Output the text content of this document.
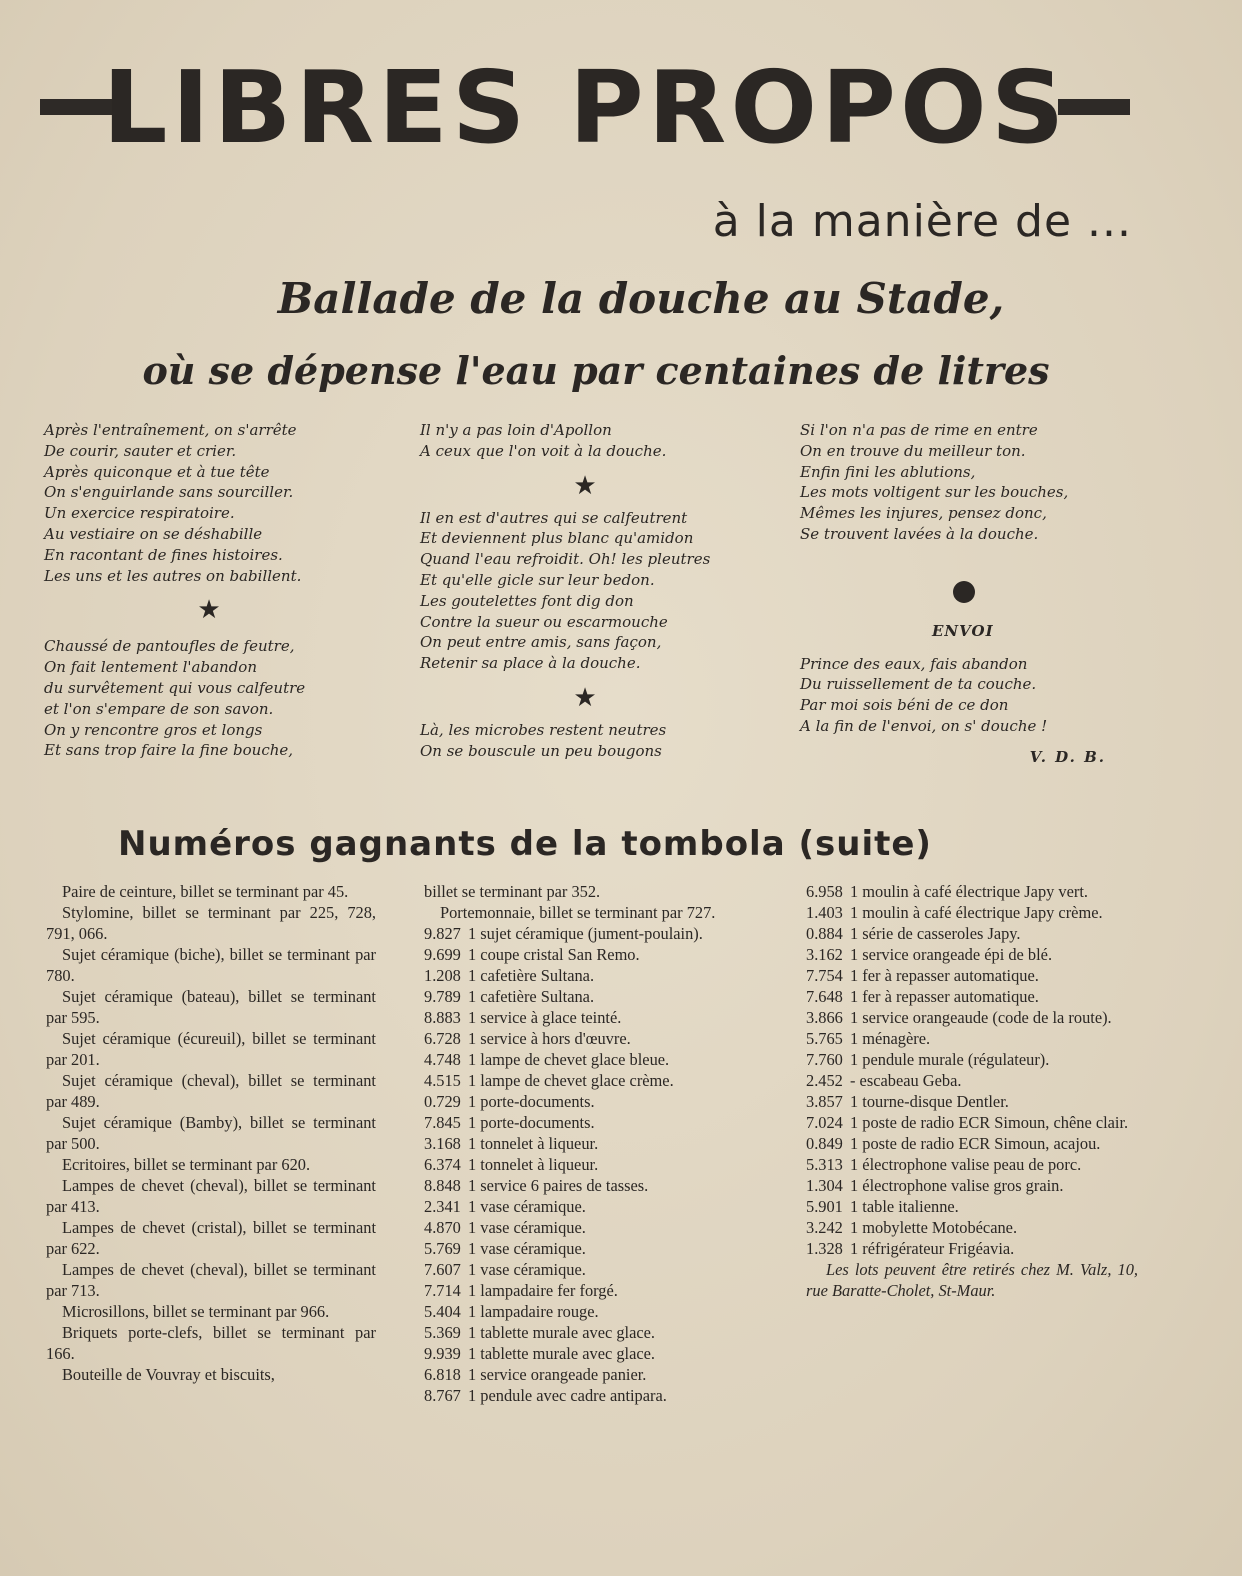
LIBRES PROPOS
à la manière de ...
Ballade de la douche au Stade,
où se dépense l'eau par centaines de litres
Après l'entraînement, on s'arrête
De courir, sauter et crier.
Après quiconque et à tue tête
On s'enguirlande sans sourciller.
Un exercice respiratoire.
Au vestiaire on se déshabille
En racontant de fines histoires.
Les uns et les autres on babillent.
★
Chaussé de pantoufles de feutre,
On fait lentement l'abandon
du survêtement qui vous calfeutre
et l'on s'empare de son savon.
On y rencontre gros et longs
Et sans trop faire la fine bouche,
Il n'y a pas loin d'Apollon
A ceux que l'on voit à la douche.
★
Il en est d'autres qui se calfeutrent
Et deviennent plus blanc qu'amidon
Quand l'eau refroidit. Oh! les pleutres
Et qu'elle gicle sur leur bedon.
Les goutelettes font dig don
Contre la sueur ou escarmouche
On peut entre amis, sans façon,
Retenir sa place à la douche.
★
Là, les microbes restent neutres
On se bouscule un peu bougons
Si l'on n'a pas de rime en entre
On en trouve du meilleur ton.
Enfin fini les ablutions,
Les mots voltigent sur les bouches,
Mêmes les injures, pensez donc,
Se trouvent lavées à la douche.
ENVOI
Prince des eaux, fais abandon
Du ruissellement de ta couche.
Par moi sois béni de ce don
A la fin de l'envoi, on s' douche !
V. D. B.
Numéros gagnants de la tombola (suite)
Paire de ceinture, billet se terminant par 45.
Stylomine, billet se terminant par 225, 728, 791, 066.
Sujet céramique (biche), billet se terminant par 780.
Sujet céramique (bateau), billet se terminant par 595.
Sujet céramique (écureuil), billet se terminant par 201.
Sujet céramique (cheval), billet se terminant par 489.
Sujet céramique (Bamby), billet se terminant par 500.
Ecritoires, billet se terminant par 620.
Lampes de chevet (cheval), billet se terminant par 413.
Lampes de chevet (cristal), billet se terminant par 622.
Lampes de chevet (cheval), billet se terminant par 713.
Microsillons, billet se terminant par 966.
Briquets porte-clefs, billet se terminant par 166.
Bouteille de Vouvray et biscuits,
billet se terminant par 352.
Portemonnaie, billet se terminant par 727.
9.827 1 sujet céramique (jument-poulain).
9.699 1 coupe cristal San Remo.
1.208 1 cafetière Sultana.
9.789 1 cafetière Sultana.
8.883 1 service à glace teinté.
6.728 1 service à hors d'œuvre.
4.748 1 lampe de chevet glace bleue.
4.515 1 lampe de chevet glace crème.
0.729 1 porte-documents.
7.845 1 porte-documents.
3.168 1 tonnelet à liqueur.
6.374 1 tonnelet à liqueur.
8.848 1 service 6 paires de tasses.
2.341 1 vase céramique.
4.870 1 vase céramique.
5.769 1 vase céramique.
7.607 1 vase céramique.
7.714 1 lampadaire fer forgé.
5.404 1 lampadaire rouge.
5.369 1 tablette murale avec glace.
9.939 1 tablette murale avec glace.
6.818 1 service orangeade panier.
8.767 1 pendule avec cadre antipara.
6.958 1 moulin à café électrique Japy vert.
1.403 1 moulin à café électrique Japy crème.
0.884 1 série de casseroles Japy.
3.162 1 service orangeade épi de blé.
7.754 1 fer à repasser automatique.
7.648 1 fer à repasser automatique.
3.866 1 service orangeaude (code de la route).
5.765 1 ménagère.
7.760 1 pendule murale (régulateur).
2.452 - escabeau Geba.
3.857 1 tourne-disque Dentler.
7.024 1 poste de radio ECR Simoun, chêne clair.
0.849 1 poste de radio ECR Simoun, acajou.
5.313 1 électrophone valise peau de porc.
1.304 1 électrophone valise gros grain.
5.901 1 table italienne.
3.242 1 mobylette Motobécane.
1.328 1 réfrigérateur Frigéavia.
Les lots peuvent être retirés chez M. Valz, 10, rue Baratte-Cholet, St-Maur.
